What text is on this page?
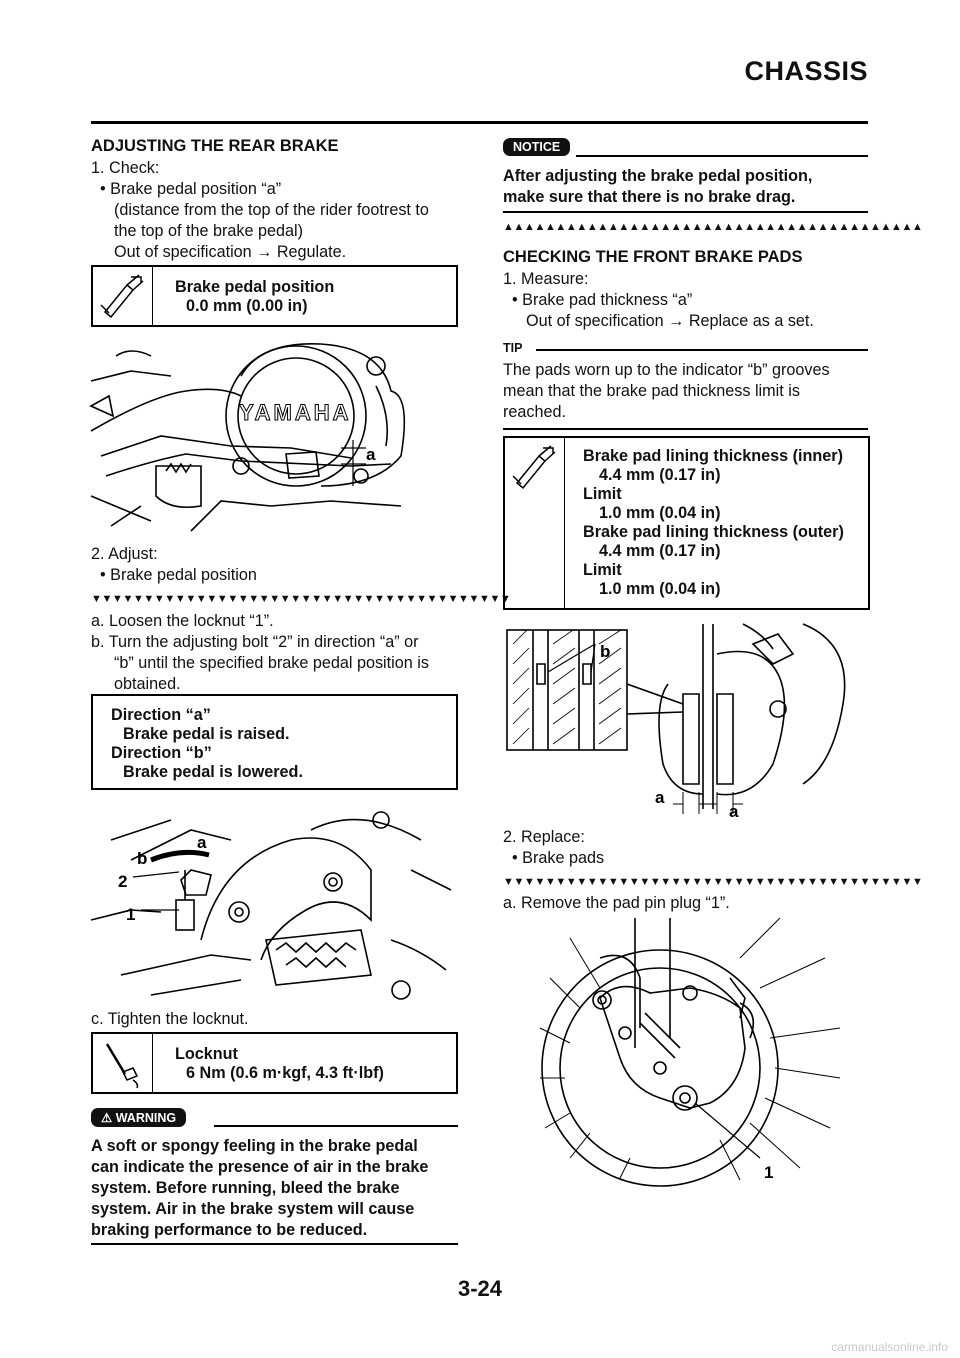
CHASSIS
ADJUSTING THE REAR BRAKE
1. Check:
• Brake pedal position “a”
(distance from the top of the rider footrest to
the top of the brake pedal)
Out of specification → Regulate.
Brake pedal position
0.0 mm (0.00 in)
YAMAHA
a
2. Adjust:
• Brake pedal position
▼▼▼▼▼▼▼▼▼▼▼▼▼▼▼▼▼▼▼▼▼▼▼▼▼▼▼▼▼▼▼▼▼▼▼▼▼▼▼▼
a. Loosen the locknut “1”.
b. Turn the adjusting bolt “2” in direction “a” or
“b” until the specified brake pedal position is
obtained.
Direction “a”
Brake pedal is raised.
Direction “b”
Brake pedal is lowered.
a
b
2
1
c. Tighten the locknut.
Locknut
6 Nm (0.6 m·kgf, 4.3 ft·lbf)
⚠ WARNING
A soft or spongy feeling in the brake pedal
can indicate the presence of air in the brake
system. Before running, bleed the brake
system. Air in the brake system will cause
braking performance to be reduced.
NOTICE
After adjusting the brake pedal position,
make sure that there is no brake drag.
▲▲▲▲▲▲▲▲▲▲▲▲▲▲▲▲▲▲▲▲▲▲▲▲▲▲▲▲▲▲▲▲▲▲▲▲▲▲▲▲
CHECKING THE FRONT BRAKE PADS
1. Measure:
• Brake pad thickness “a”
Out of specification → Replace as a set.
TIP
The pads worn up to the indicator “b” grooves
mean that the brake pad thickness limit is
reached.
Brake pad lining thickness (inner)
4.4 mm (0.17 in)
Limit
1.0 mm (0.04 in)
Brake pad lining thickness (outer)
4.4 mm (0.17 in)
Limit
1.0 mm (0.04 in)
b
a
a
2. Replace:
• Brake pads
▼▼▼▼▼▼▼▼▼▼▼▼▼▼▼▼▼▼▼▼▼▼▼▼▼▼▼▼▼▼▼▼▼▼▼▼▼▼▼▼
a. Remove the pad pin plug “1”.
1
3-24
carmanualsonline.info
